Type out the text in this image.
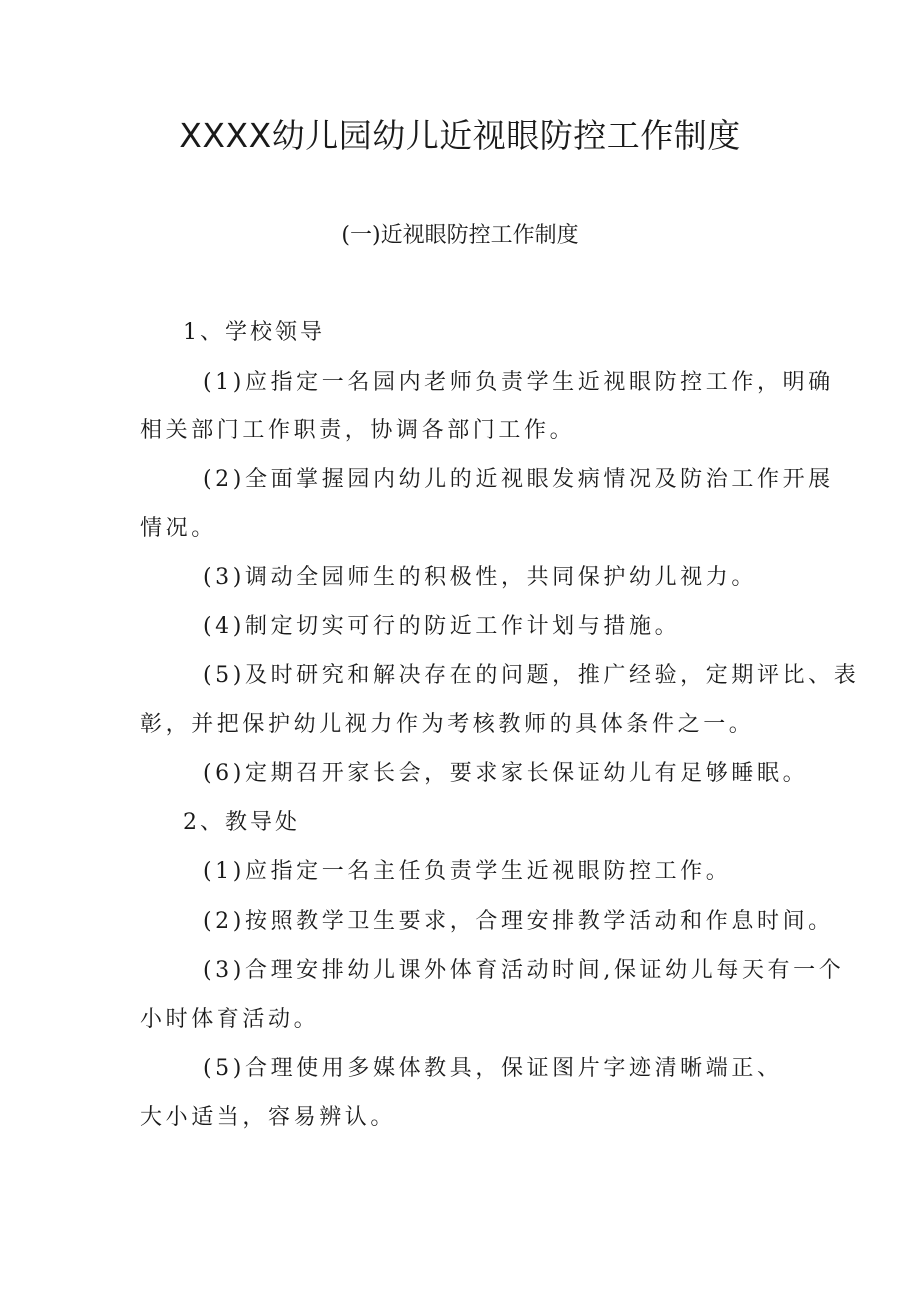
XXXX幼儿园幼儿近视眼防控工作制度

(一)近视眼防控工作制度

1、学校领导

(1)应指定一名园内老师负责学生近视眼防控工作，明确

相关部门工作职责，协调各部门工作。

(2)全面掌握园内幼儿的近视眼发病情况及防治工作开展

情况。

(3)调动全园师生的积极性，共同保护幼儿视力。

(4)制定切实可行的防近工作计划与措施。

(5)及时研究和解决存在的问题，推广经验，定期评比、表

彰，并把保护幼儿视力作为考核教师的具体条件之一。

(6)定期召开家长会，要求家长保证幼儿有足够睡眠。

2、教导处

(1)应指定一名主任负责学生近视眼防控工作。

(2)按照教学卫生要求，合理安排教学活动和作息时间。

(3)合理安排幼儿课外体育活动时间,保证幼儿每天有一个

小时体育活动。

(5)合理使用多媒体教具，保证图片字迹清晰端正、

大小适当，容易辨认。
